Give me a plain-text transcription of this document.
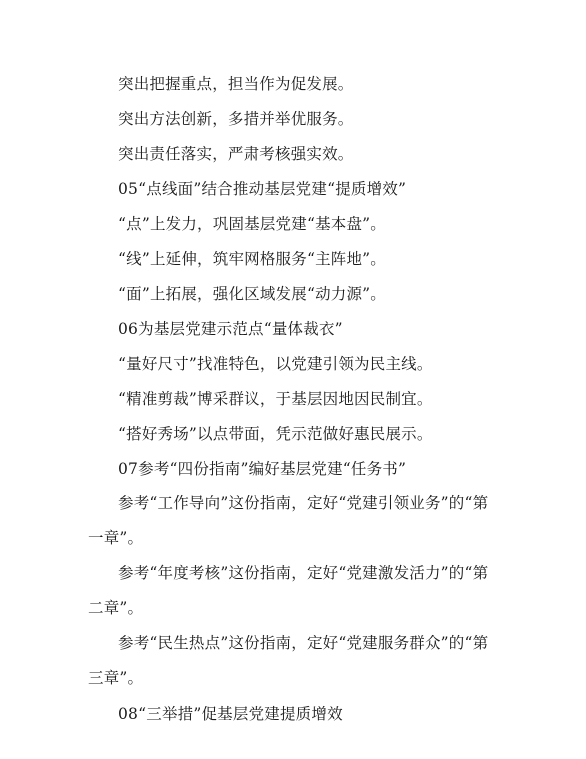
突出把握重点，担当作为促发展。
突出方法创新，多措并举优服务。
突出责任落实，严肃考核强实效。
05“点线面”结合推动基层党建“提质增效”
“点”上发力，巩固基层党建“基本盘”。
“线”上延伸，筑牢网格服务“主阵地”。
“面”上拓展，强化区域发展“动力源”。
06为基层党建示范点“量体裁衣”
“量好尺寸”找准特色，以党建引领为民主线。
“精准剪裁”博采群议，于基层因地因民制宜。
“搭好秀场”以点带面，凭示范做好惠民展示。
07参考“四份指南”编好基层党建“任务书”
参考“工作导向”这份指南，定好“党建引领业务”的“第一章”。
参考“年度考核”这份指南，定好“党建激发活力”的“第二章”。
参考“民生热点”这份指南，定好“党建服务群众”的“第三章”。
08“三举措”促基层党建提质增效
